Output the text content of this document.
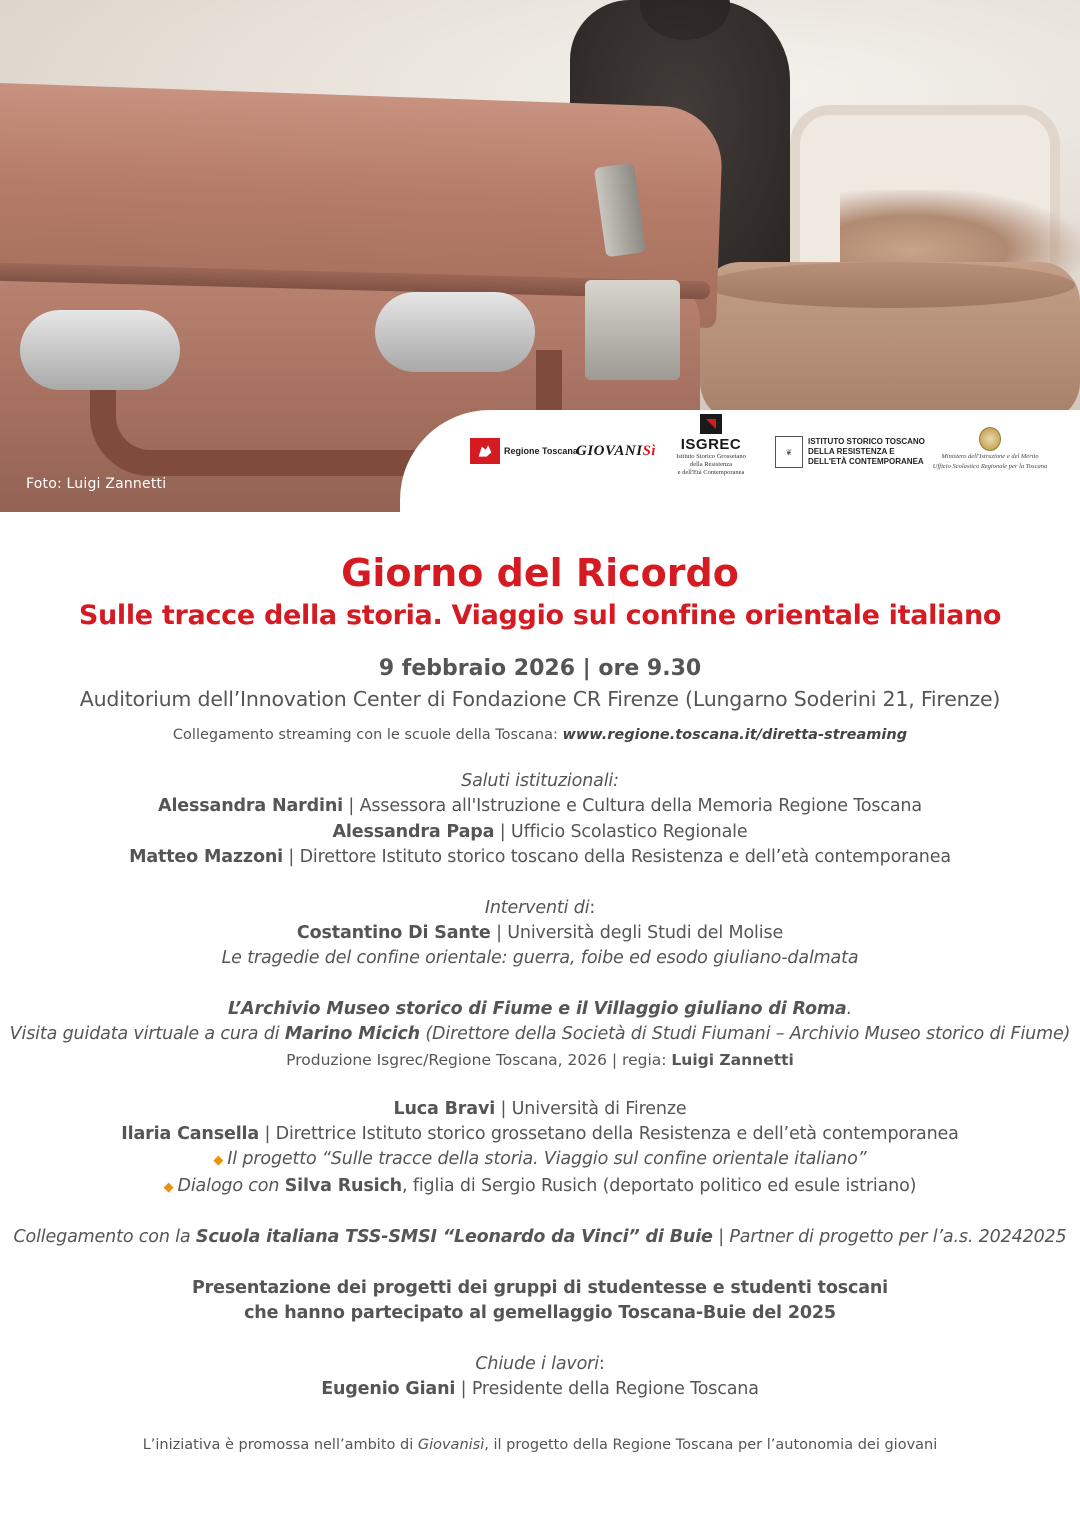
Foto: Luigi Zannetti
Regione Toscana
GIOVANISì ISGREC
Istituto Storico Grossetano
della Resistenza
e dell'Età Contemporanea
❦
ISTITUTO STORICO TOSCANO
DELLA RESISTENZA E
DELL'ETÀ CONTEMPORANEA
Ministero dell'Istruzione e del Merito
Ufficio Scolastico Regionale per la Toscana
Giorno del Ricordo
Sulle tracce della storia. Viaggio sul confine orientale italiano
9 febbraio 2026 | ore 9.30
Auditorium dell’Innovation Center di Fondazione CR Firenze (Lungarno Soderini 21, Firenze)
Collegamento streaming con le scuole della Toscana: www.regione.toscana.it/diretta-streaming

Saluti istituzionali:

Alessandra Nardini | Assessora all'Istruzione e Cultura della Memoria Regione Toscana

Alessandra Papa | Ufficio Scolastico Regionale

Matteo Mazzoni | Direttore Istituto storico toscano della Resistenza e dell’età contemporanea

Interventi di:

Costantino Di Sante | Università degli Studi del Molise

Le tragedie del confine orientale: guerra, foibe ed esodo giuliano-dalmata

L’Archivio Museo storico di Fiume e il Villaggio giuliano di Roma.

Visita guidata virtuale a cura di Marino Micich (Direttore della Società di Studi Fiumani – Archivio Museo storico di Fiume)

Produzione Isgrec/Regione Toscana, 2026 | regia: Luigi Zannetti

Luca Bravi | Università di Firenze

Ilaria Cansella | Direttrice Istituto storico grossetano della Resistenza e dell’età contemporanea

◆ Il progetto “Sulle tracce della storia. Viaggio sul confine orientale italiano”

◆ Dialogo con Silva Rusich, figlia di Sergio Rusich (deportato politico ed esule istriano)

Collegamento con la Scuola italiana TSS-SMSI “Leonardo da Vinci” di Buie | Partner di progetto per l’a.s. 20242025

Presentazione dei progetti dei gruppi di studentesse e studenti toscani

che hanno partecipato al gemellaggio Toscana-Buie del 2025

Chiude i lavori:

Eugenio Giani | Presidente della Regione Toscana

L’iniziativa è promossa nell’ambito di Giovanisì, il progetto della Regione Toscana per l’autonomia dei giovani
